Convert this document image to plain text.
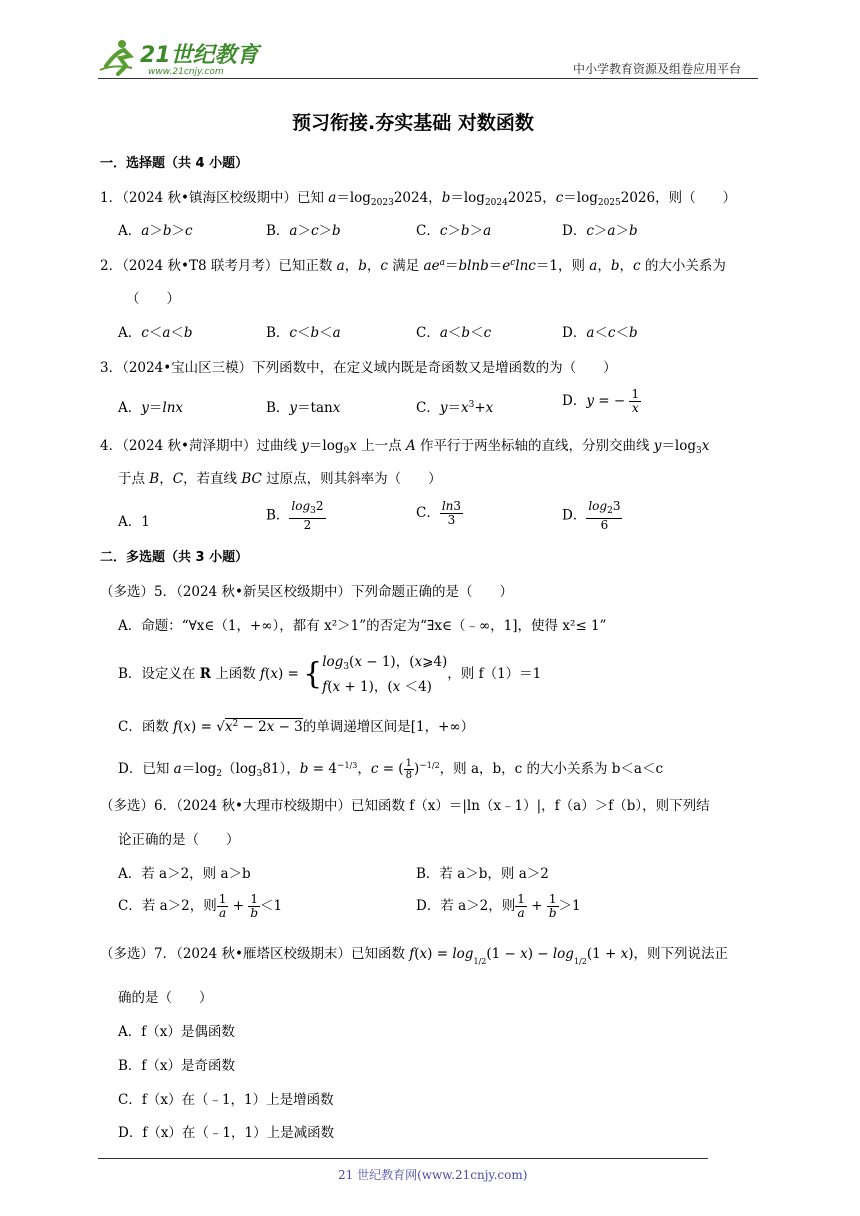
21世纪教育
www.21cnjy.com	中小学教育资源及组卷应用平台
预习衔接.夯实基础 对数函数
一．选择题（共 4 小题）
1．（2024 秋•镇海区校级期中）已知 $a=\log_{2023}2024$，$b=\log_{2024}2025$，$c=\log_{2025}2026$，则（　　）
A．a＞b＞c	B．a＞c＞b	C．c＞b＞a	D．c＞a＞b
2．（2024 秋•T8 联考月考）已知正数 a，b，c 满足 $ae^a=blnb=e^c\ln c=1$，则 a，b，c 的大小关系为
（　　）
A．c＜a＜b	B．c＜b＜a	C．a＜b＜c	D．a＜c＜b
3．（2024•宝山区三模）下列函数中，在定义域内既是奇函数又是增函数的为（　　）
A．y＝lnx	B．y＝tanx	C．$y=x^3+x$	D．y = − $\frac{1}{x}$
4．（2024 秋•菏泽期中）过曲线 $y=\log_9x$ 上一点 A 作平行于两坐标轴的直线，分别交曲线 $y=\log_3x$
于点 B，C，若直线 BC 过原点，则其斜率为（　　）
A．1	B． $\frac{\log_32}{2}$	C． $\frac{\ln 3}{3}$	D． $\frac{\log_23}{6}$
二．多选题（共 3 小题）
（多选）5．（2024 秋•新吴区校级期中）下列命题正确的是（　　）
A．命题：“∀x∈（1，+∞），都有 x²＞1”的否定为“∃x∈（﹣∞，1]，使得 x²≤ 1”
B．设定义在 R 上函数 f(x) = { $\log_3(x - 1)$，(x⩾4)
f(x + 1)，(x ＜4)
，则 f（1）＝1
C．函数 $f(x) = √x^2 - 2x - 3$的单调递增区间是[1，+∞）
D．已知 $a=\log_2(\log_381)$，$b = 4^{-1/3}$，c = ( $\frac{1}{8} )^{-1/2}$，则 a，b，c 的大小关系为 b＜a＜c
（多选）6．（2024 秋•大理市校级期中）已知函数 f（x）＝|ln（x﹣1）|，f（a）＞f（b），则下列结
论正确的是（　　）
A．若 a＞2，则 a＞b	B．若 a＞b，则 a＞2
C．若 a＞2，则 $\frac{1}{a} + \frac{1}{b} <1$	D．若 a＞2，则 $\frac{1}{a} + \frac{1}{b} >1$
（多选）7．（2024 秋•雁塔区校级期末）已知函数 $f(x) = \log_{1/2}(1 - x) - \log_{1/2}(1 + x)$，则下列说法正
确的是（　　）
A．f（x）是偶函数
B．f（x）是奇函数
C．f（x）在（﹣1，1）上是增函数
D．f（x）在（﹣1，1）上是减函数
21 世纪教育网(www.21cnjy.com)
